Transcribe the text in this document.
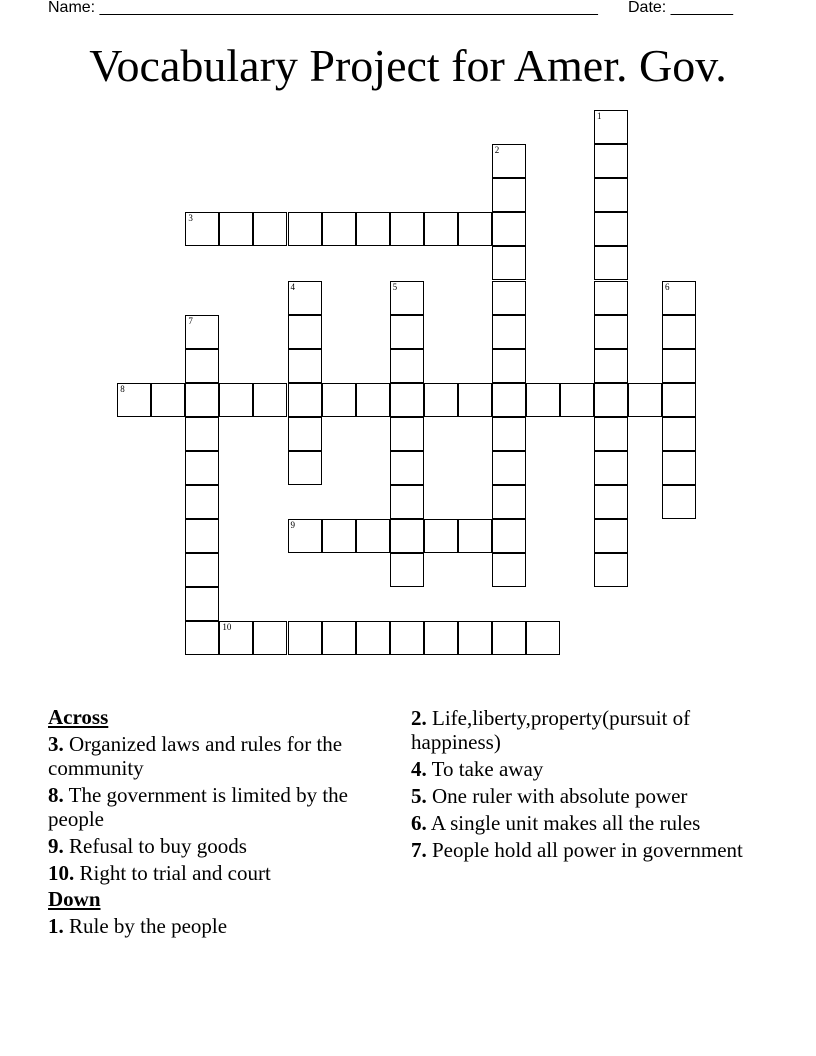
Name: ________________________________________________________ Date: _______
Vocabulary Project for Amer. Gov.
1
2
3
4	5	6
7
8
9
10
Across
3. Organized laws and rules for the community
8. The government is limited by the people
9. Refusal to buy goods
10. Right to trial and court
Down
1. Rule by the people
2. Life,liberty,property(pursuit of happiness)
4. To take away
5. One ruler with absolute power
6. A single unit makes all the rules
7. People hold all power in government
